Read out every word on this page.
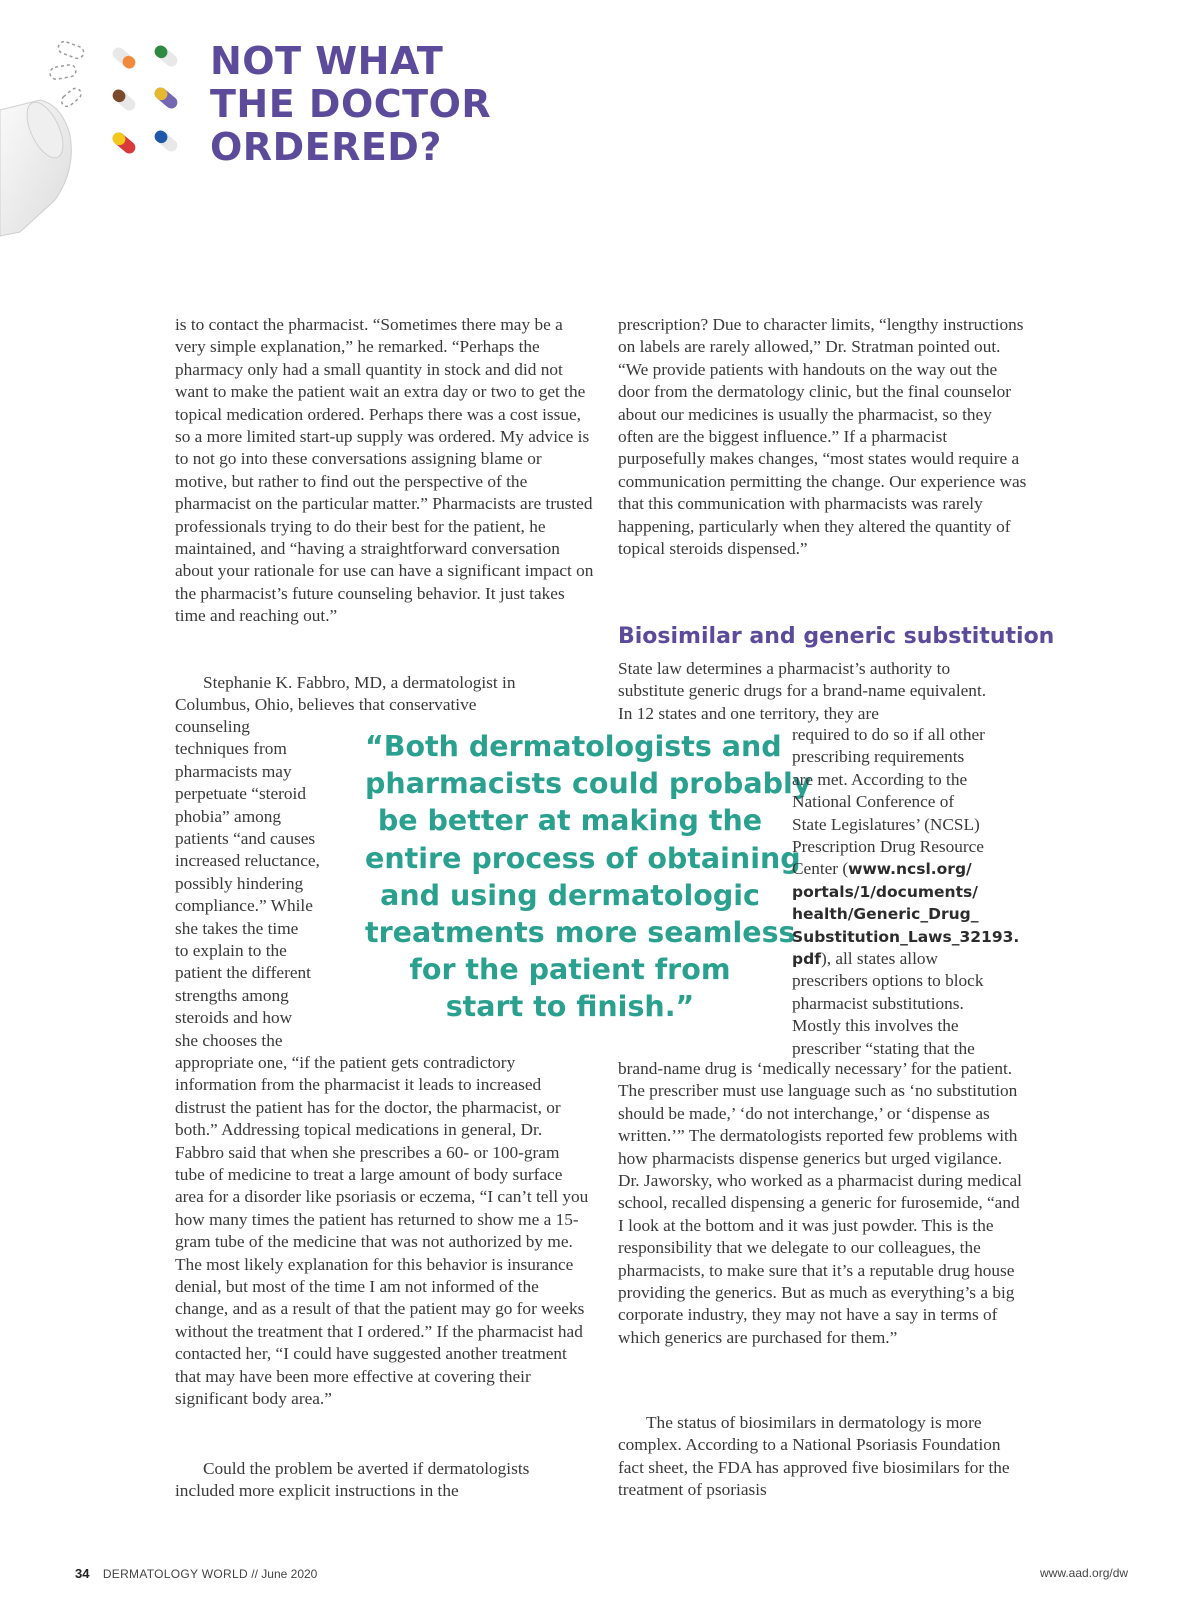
NOT WHAT
THE DOCTOR
ORDERED?

is to contact the pharmacist. “Sometimes there may be a very simple explanation,” he remarked. “Perhaps the pharmacy only had a small quantity in stock and did not want to make the patient wait an extra day or two to get the topical medication ordered. Perhaps there was a cost issue, so a more limited start-up supply was ordered. My advice is to not go into these conversations assigning blame or motive, but rather to find out the perspective of the pharmacist on the particular matter.” Pharmacists are trusted professionals trying to do their best for the patient, he maintained, and “having a straightforward conversation about your rationale for use can have a significant impact on the pharmacist’s future counseling behavior. It just takes time and reaching out.”

Stephanie K. Fabbro, MD, a dermatologist in Columbus, Ohio, believes that conservative

counseling
techniques from
pharmacists may
perpetuate “steroid
phobia” among
patients “and causes
increased reluctance,
possibly hindering
compliance.” While
she takes the time
to explain to the
patient the different
strengths among
steroids and how
she chooses the

appropriate one, “if the patient gets contradictory information from the pharmacist it leads to increased distrust the patient has for the doctor, the pharmacist, or both.” Addressing topical medications in general, Dr. Fabbro said that when she prescribes a 60- or 100-gram tube of medicine to treat a large amount of body surface area for a disorder like psoriasis or eczema, “I can’t tell you how many times the patient has returned to show me a 15-gram tube of the medicine that was not authorized by me. The most likely explanation for this behavior is insurance denial, but most of the time I am not informed of the change, and as a result of that the patient may go for weeks without the treatment that I ordered.” If the pharmacist had contacted her, “I could have suggested another treatment that may have been more effective at covering their significant body area.”

Could the problem be averted if dermatologists included more explicit instructions in the

“Both dermatologists and
pharmacists could probably
be better at making the
entire process of obtaining
and using dermatologic
treatments more seamless
for the patient from
start to finish.”

prescription? Due to character limits, “lengthy instructions on labels are rarely allowed,” Dr. Stratman pointed out. “We provide patients with handouts on the way out the door from the dermatology clinic, but the final counselor about our medicines is usually the pharmacist, so they often are the biggest influence.” If a pharmacist purposefully makes changes, “most states would require a communication permitting the change. Our experience was that this communication with pharmacists was rarely happening, particularly when they altered the quantity of topical steroids dispensed.”

Biosimilar and generic substitution

State law determines a pharmacist’s authority to substitute generic drugs for a brand-name equivalent. In 12 states and one territory, they are

required to do so if all other
prescribing requirements
are met. According to the
National Conference of
State Legislatures’ (NCSL)
Prescription Drug Resource
Center (www.ncsl.org/
portals/1/documents/
health/Generic_Drug_
Substitution_Laws_32193.
pdf), all states allow
prescribers options to block
pharmacist substitutions.
Mostly this involves the
prescriber “stating that the

brand-name drug is ‘medically necessary’ for the patient. The prescriber must use language such as ‘no substitution should be made,’ ‘do not interchange,’ or ‘dispense as written.’” The dermatologists reported few problems with how pharmacists dispense generics but urged vigilance. Dr. Jaworsky, who worked as a pharmacist during medical school, recalled dispensing a generic for furosemide, “and I look at the bottom and it was just powder. This is the responsibility that we delegate to our colleagues, the pharmacists, to make sure that it’s a reputable drug house providing the generics. But as much as everything’s a big corporate industry, they may not have a say in terms of which generics are purchased for them.”

The status of biosimilars in dermatology is more complex. According to a National Psoriasis Foundation fact sheet, the FDA has approved five biosimilars for the treatment of psoriasis

34 DERMATOLOGY WORLD // June 2020	www.aad.org/dw
